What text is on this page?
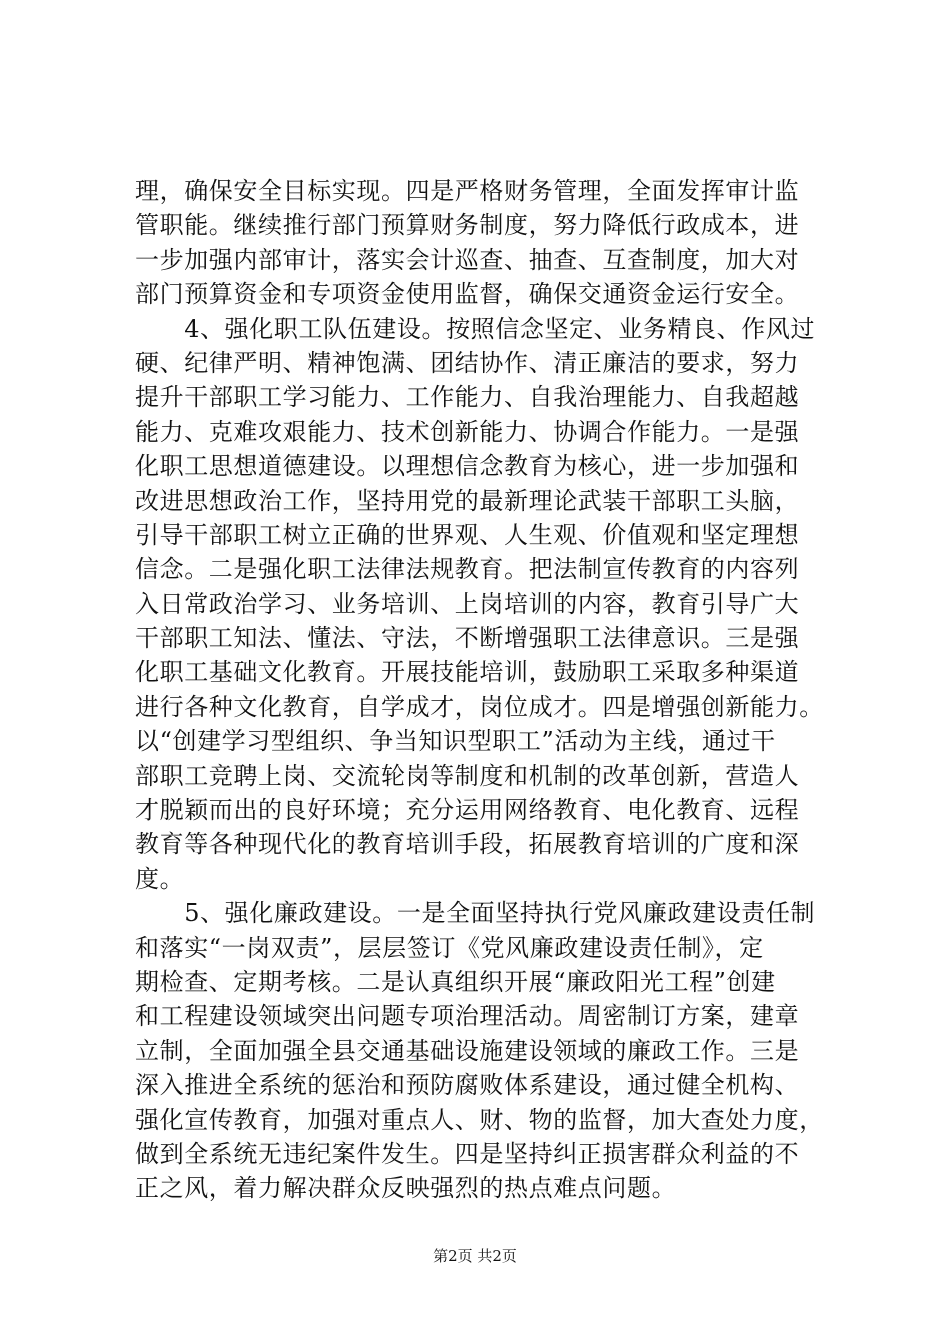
理，确保安全目标实现。四是严格财务管理，全面发挥审计监
管职能。继续推行部门预算财务制度，努力降低行政成本，进
一步加强内部审计，落实会计巡查、抽查、互查制度，加大对
部门预算资金和专项资金使用监督，确保交通资金运行安全。
　　4、强化职工队伍建设。按照信念坚定、业务精良、作风过
硬、纪律严明、精神饱满、团结协作、清正廉洁的要求，努力
提升干部职工学习能力、工作能力、自我治理能力、自我超越
能力、克难攻艰能力、技术创新能力、协调合作能力。一是强
化职工思想道德建设。以理想信念教育为核心，进一步加强和
改进思想政治工作，坚持用党的最新理论武装干部职工头脑，
引导干部职工树立正确的世界观、人生观、价值观和坚定理想
信念。二是强化职工法律法规教育。把法制宣传教育的内容列
入日常政治学习、业务培训、上岗培训的内容，教育引导广大
干部职工知法、懂法、守法，不断增强职工法律意识。三是强
化职工基础文化教育。开展技能培训，鼓励职工采取多种渠道
进行各种文化教育，自学成才，岗位成才。四是增强创新能力。
以“创建学习型组织、争当知识型职工”活动为主线，通过干
部职工竞聘上岗、交流轮岗等制度和机制的改革创新，营造人
才脱颖而出的良好环境；充分运用网络教育、电化教育、远程
教育等各种现代化的教育培训手段，拓展教育培训的广度和深
度。
　　5、强化廉政建设。一是全面坚持执行党风廉政建设责任制
和落实“一岗双责”，层层签订《党风廉政建设责任制》，定
期检查、定期考核。二是认真组织开展“廉政阳光工程”创建
和工程建设领域突出问题专项治理活动。周密制订方案，建章
立制，全面加强全县交通基础设施建设领域的廉政工作。三是
深入推进全系统的惩治和预防腐败体系建设，通过健全机构、
强化宣传教育，加强对重点人、财、物的监督，加大查处力度，
做到全系统无违纪案件发生。四是坚持纠正损害群众利益的不
正之风，着力解决群众反映强烈的热点难点问题。
第2页 共2页
